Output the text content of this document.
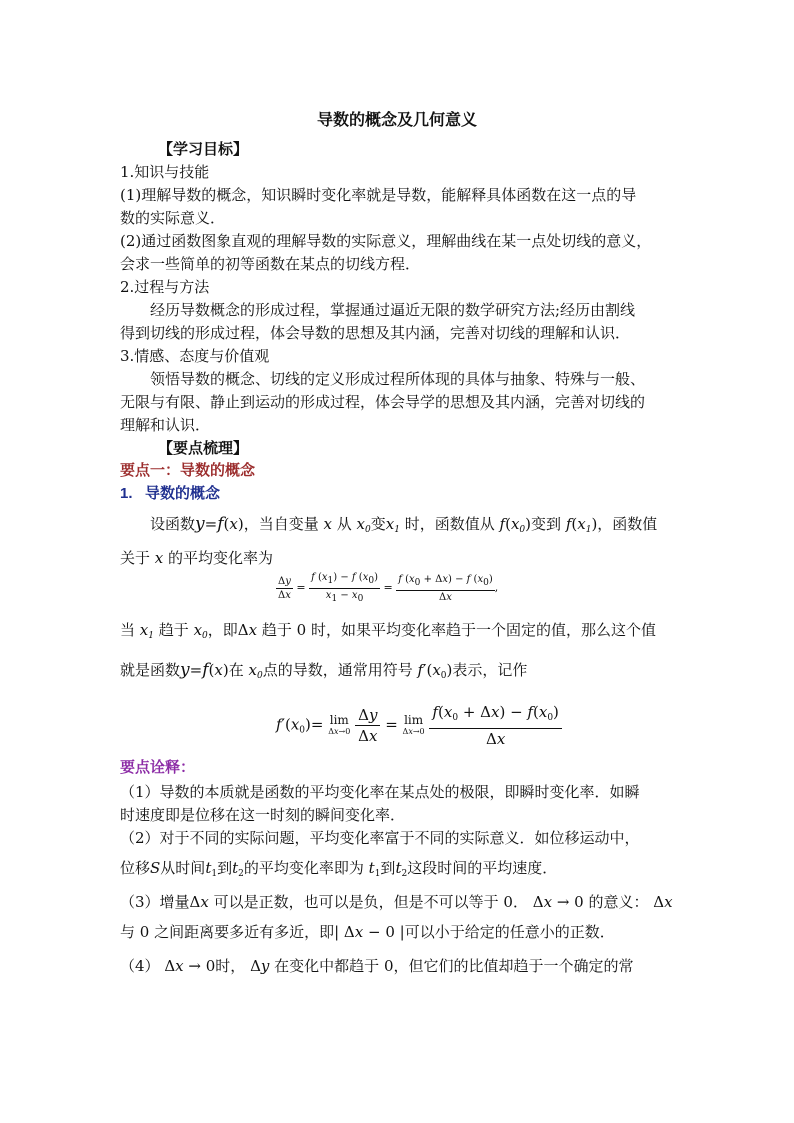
导数的概念及几何意义
【学习目标】
1.知识与技能
(1)理解导数的概念，知识瞬时变化率就是导数，能解释具体函数在这一点的导
数的实际意义．
(2)通过函数图象直观的理解导数的实际意义，理解曲线在某一点处切线的意义，
会求一些简单的初等函数在某点的切线方程．
2.过程与方法
经历导数概念的形成过程，掌握通过逼近无限的数学研究方法;经历由割线
得到切线的形成过程，体会导数的思想及其内涵，完善对切线的理解和认识．
3.情感、态度与价值观
领悟导数的概念、切线的定义形成过程所体现的具体与抽象、特殊与一般、
无限与有限、静止到运动的形成过程，体会导学的思想及其内涵，完善对切线的
理解和认识．
【要点梳理】
要点一：导数的概念
1. 导数的概念
设函数y=f(x)，当自变量 x 从 $x_0$变$x_1$ 时，函数值从 $f(x_0)$变到 $f(x_1)$，函数值
关于 x 的平均变化率为
$\frac{\Delta y}{\Delta x} = \frac{f (x_1) - f (x_0)}{x_1 - x_0} = \frac{f (x_0 + \Delta x) - f (x_0)}{\Delta x}$ ,
当 $x_1$ 趋于 $x_0$，即Δx 趋于 0 时，如果平均变化率趋于一个固定的值，那么这个值
就是函数y=f(x)在 $x_0$点的导数，通常用符号 $f'(x_0)$表示，记作
$f'(x_0)= \lim$
Δx→0
$\frac{\Delta y}{\Delta x} = \lim$
Δx→0
$\frac{f(x_0 + \Delta x) - f(x_0)}{\Delta x}$
要点诠释：
（1）导数的本质就是函数的平均变化率在某点处的极限，即瞬时变化率．如瞬
时速度即是位移在这一时刻的瞬间变化率．
（2）对于不同的实际问题，平均变化率富于不同的实际意义．如位移运动中，
位移S从时间$t_1$到$t_2$的平均变化率即为 $t_1$到$t_2$这段时间的平均速度．
（3）增量Δx 可以是正数，也可以是负，但是不可以等于 0． Δx → 0 的意义： Δx
与 0 之间距离要多近有多近，即| Δx − 0 |可以小于给定的任意小的正数．
（4） Δx → 0时， Δy 在变化中都趋于 0，但它们的比值却趋于一个确定的常
